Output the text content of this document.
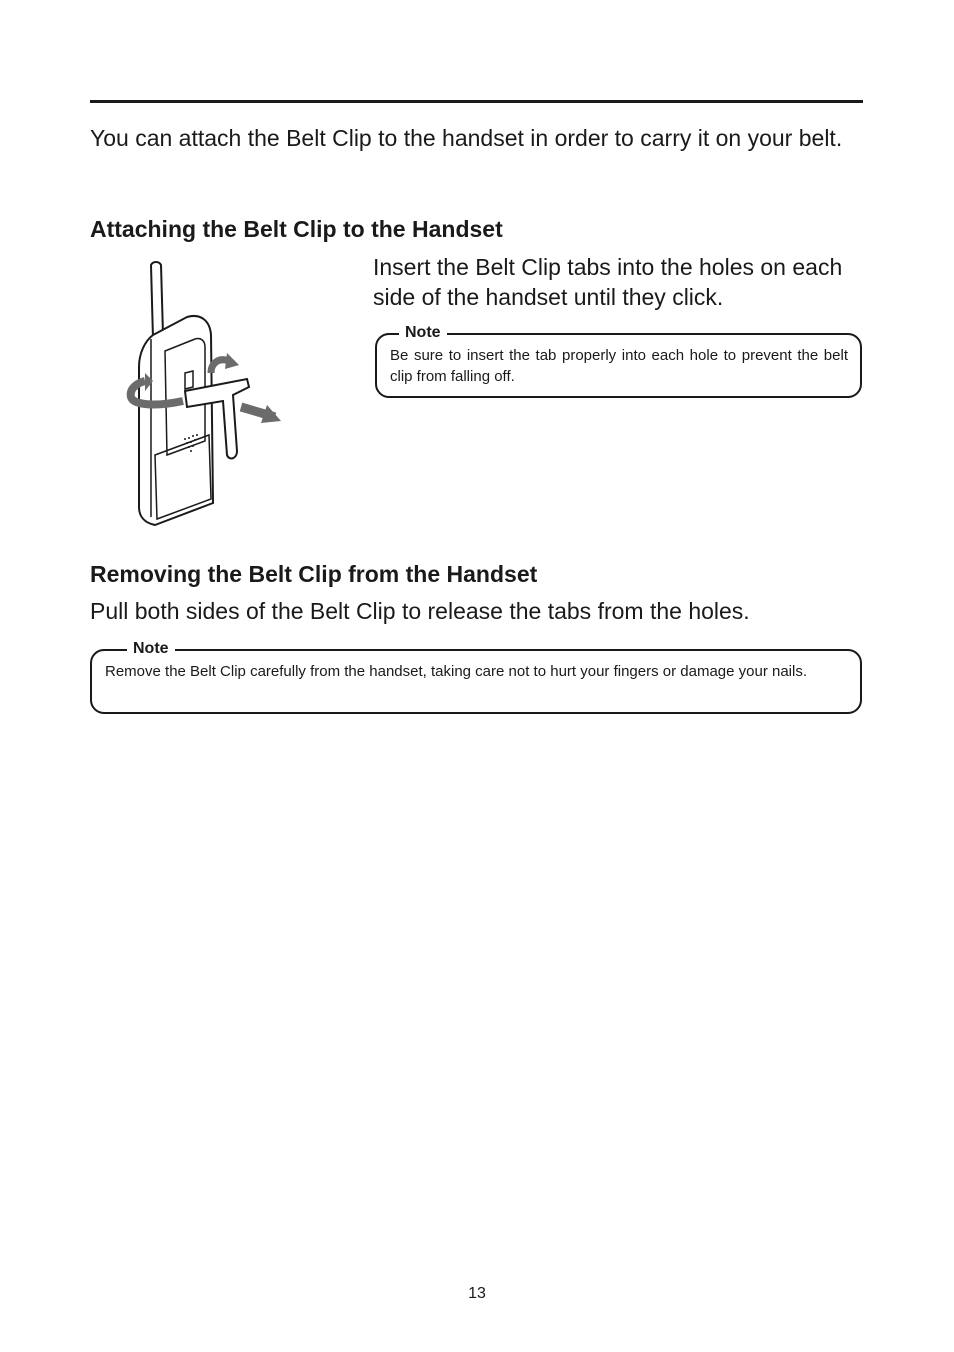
You can attach the Belt Clip to the handset in order to carry it on your belt.

Attaching the Belt Clip to the Handset

Insert the Belt Clip tabs into the holes on each side of the handset until they click.

Note

Be sure to insert the tab properly into each hole to prevent the belt clip from falling off.

Removing the Belt Clip from the Handset

Pull both sides of the Belt Clip to release the tabs from the holes.

Note

Remove the Belt Clip carefully from the handset, taking care not to hurt your fingers or damage your nails.

13
